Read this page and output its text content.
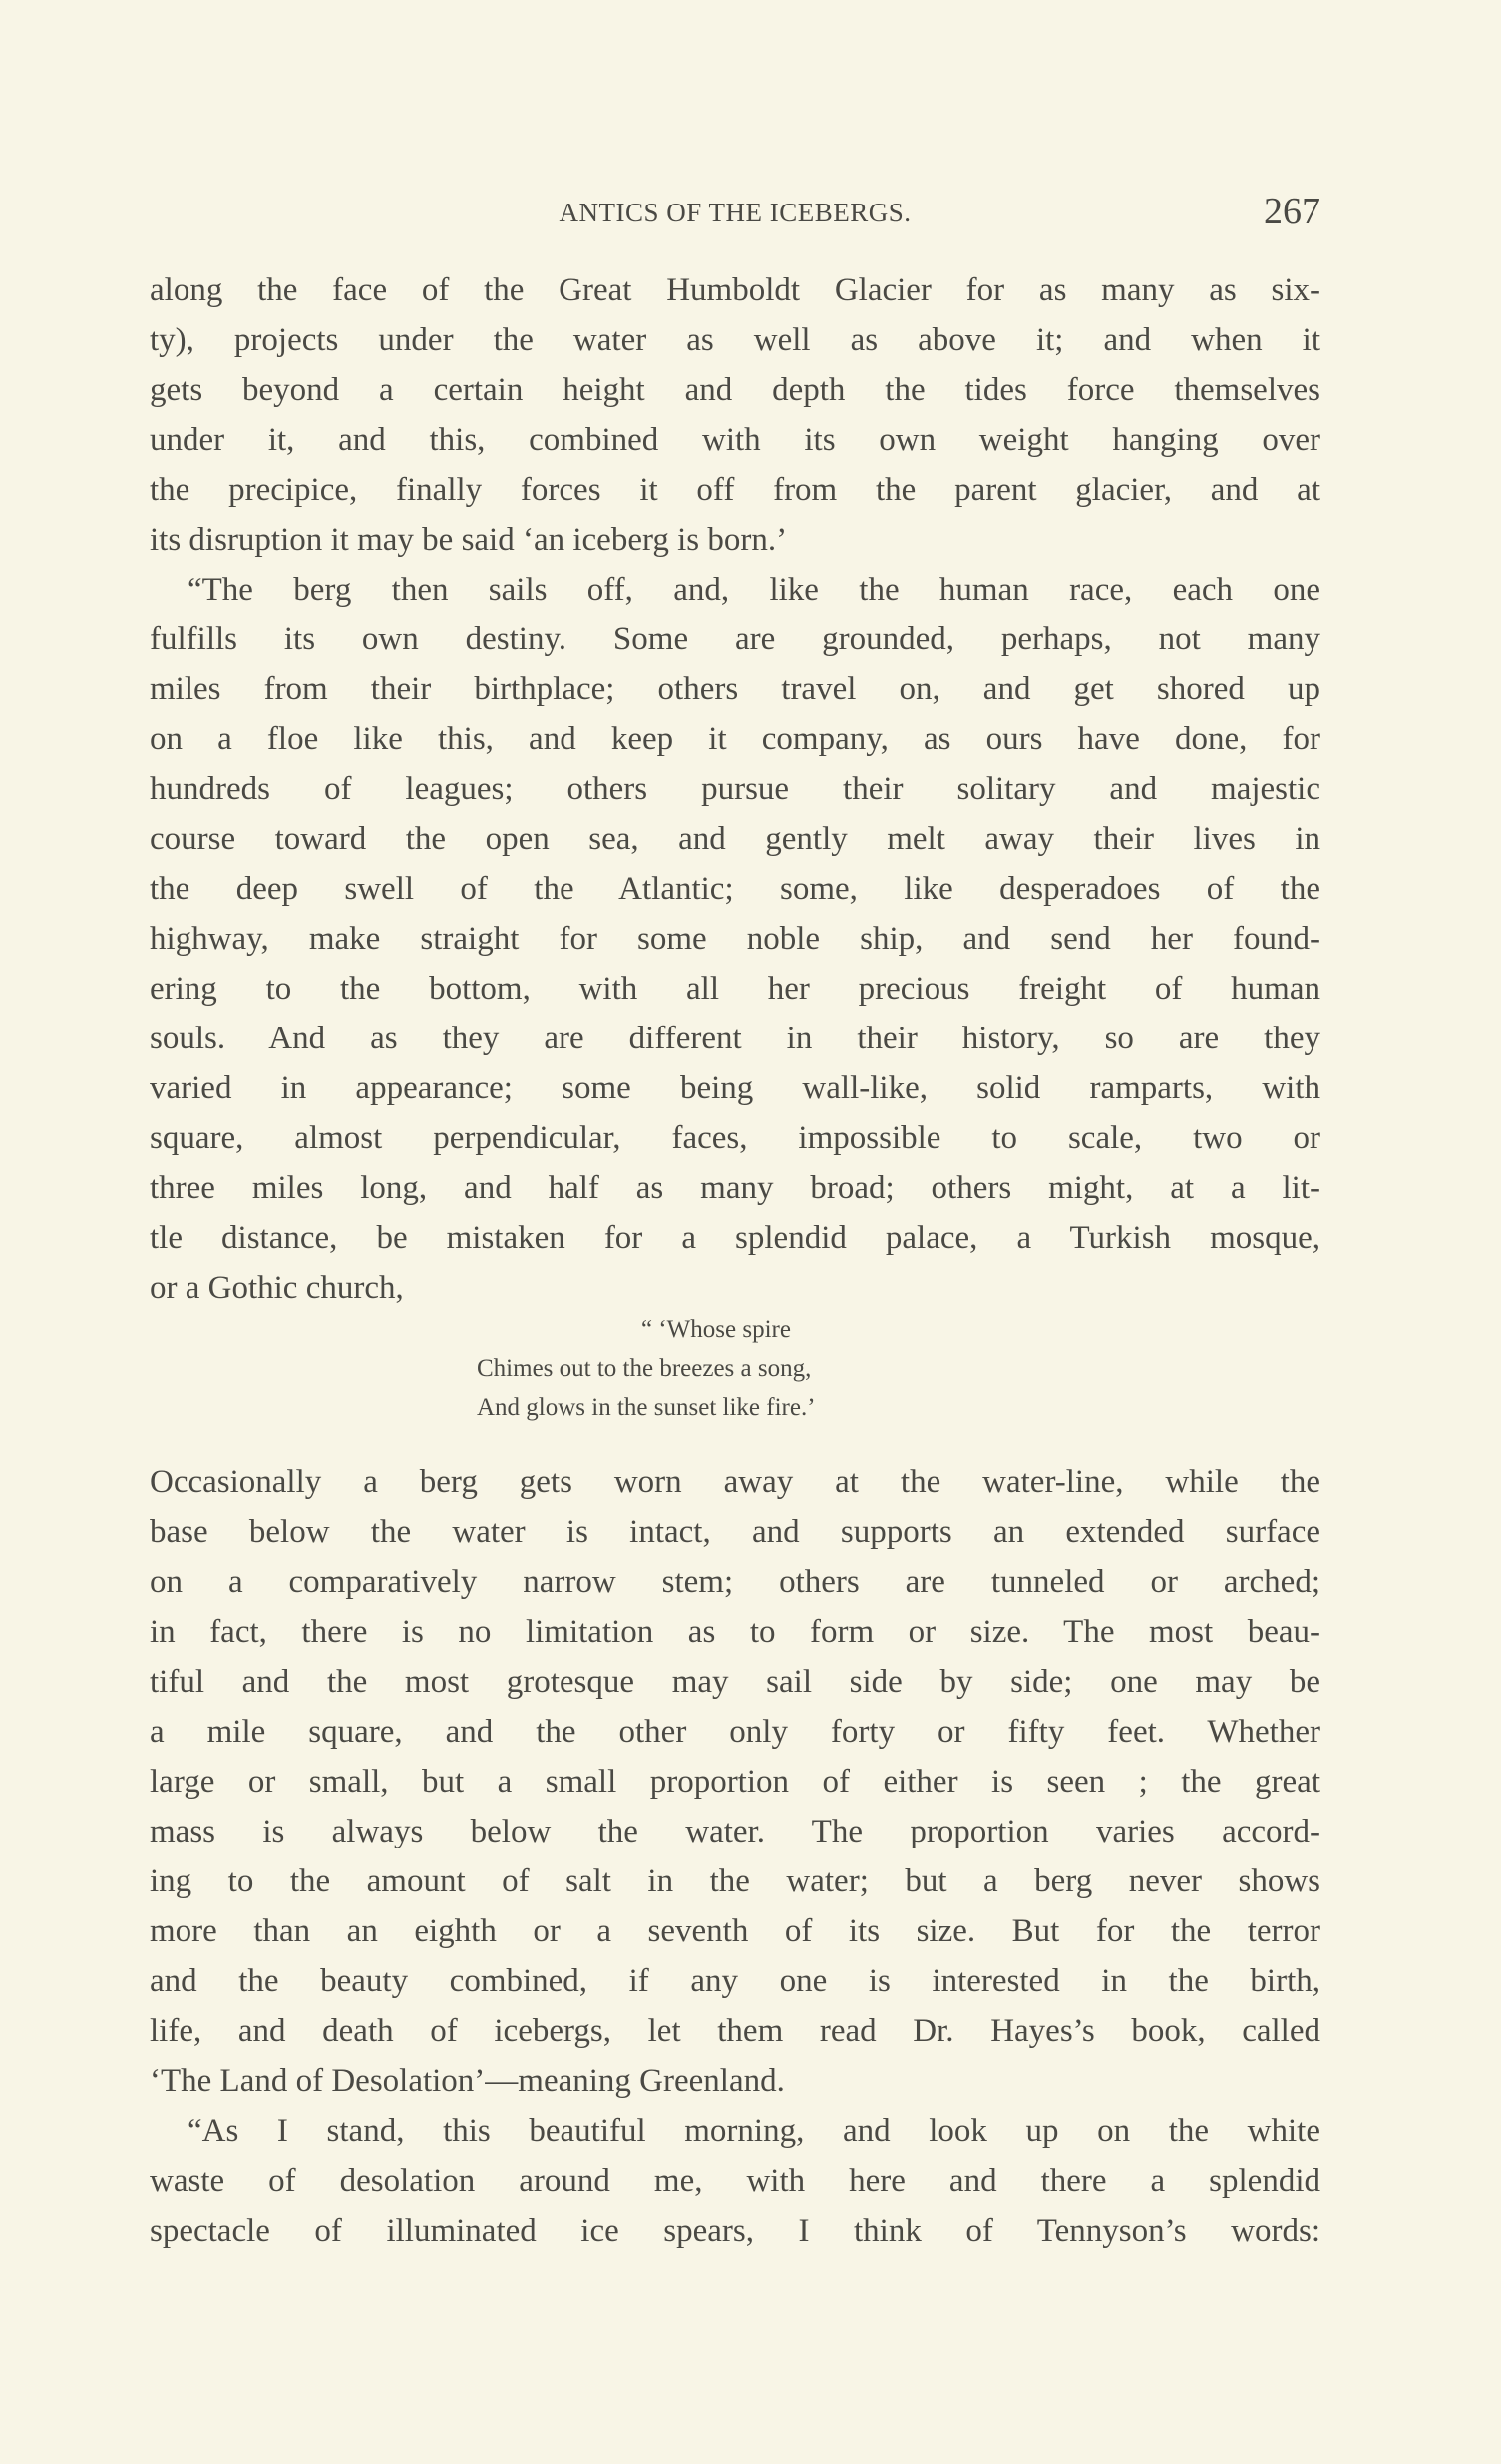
ANTICS OF THE ICEBERGS.	267
along the face of the Great Humboldt Glacier for as many as six-
ty), projects under the water as well as above it; and when it
gets beyond a certain height and depth the tides force themselves
under it, and this, combined with its own weight hanging over
the precipice, finally forces it off from the parent glacier, and at
its disruption it may be said ‘an iceberg is born.’
“The berg then sails off, and, like the human race, each one
fulfills its own destiny. Some are grounded, perhaps, not many
miles from their birthplace; others travel on, and get shored up
on a floe like this, and keep it company, as ours have done, for
hundreds of leagues; others pursue their solitary and majestic
course toward the open sea, and gently melt away their lives in
the deep swell of the Atlantic; some, like desperadoes of the
highway, make straight for some noble ship, and send her found-
ering to the bottom, with all her precious freight of human
souls. And as they are different in their history, so are they
varied in appearance; some being wall-like, solid ramparts, with
square, almost perpendicular, faces, impossible to scale, two or
three miles long, and half as many broad; others might, at a lit-
tle distance, be mistaken for a splendid palace, a Turkish mosque,
or a Gothic church,
“ ‘Whose spire
Chimes out to the breezes a song,
And glows in the sunset like fire.’
Occasionally a berg gets worn away at the water-line, while the
base below the water is intact, and supports an extended surface
on a comparatively narrow stem; others are tunneled or arched;
in fact, there is no limitation as to form or size. The most beau-
tiful and the most grotesque may sail side by side; one may be
a mile square, and the other only forty or fifty feet. Whether
large or small, but a small proportion of either is seen ; the great
mass is always below the water. The proportion varies accord-
ing to the amount of salt in the water; but a berg never shows
more than an eighth or a seventh of its size. But for the terror
and the beauty combined, if any one is interested in the birth,
life, and death of icebergs, let them read Dr. Hayes’s book, called
‘The Land of Desolation’—meaning Greenland.
“As I stand, this beautiful morning, and look up on the white
waste of desolation around me, with here and there a splendid
spectacle of illuminated ice spears, I think of Tennyson’s words:
